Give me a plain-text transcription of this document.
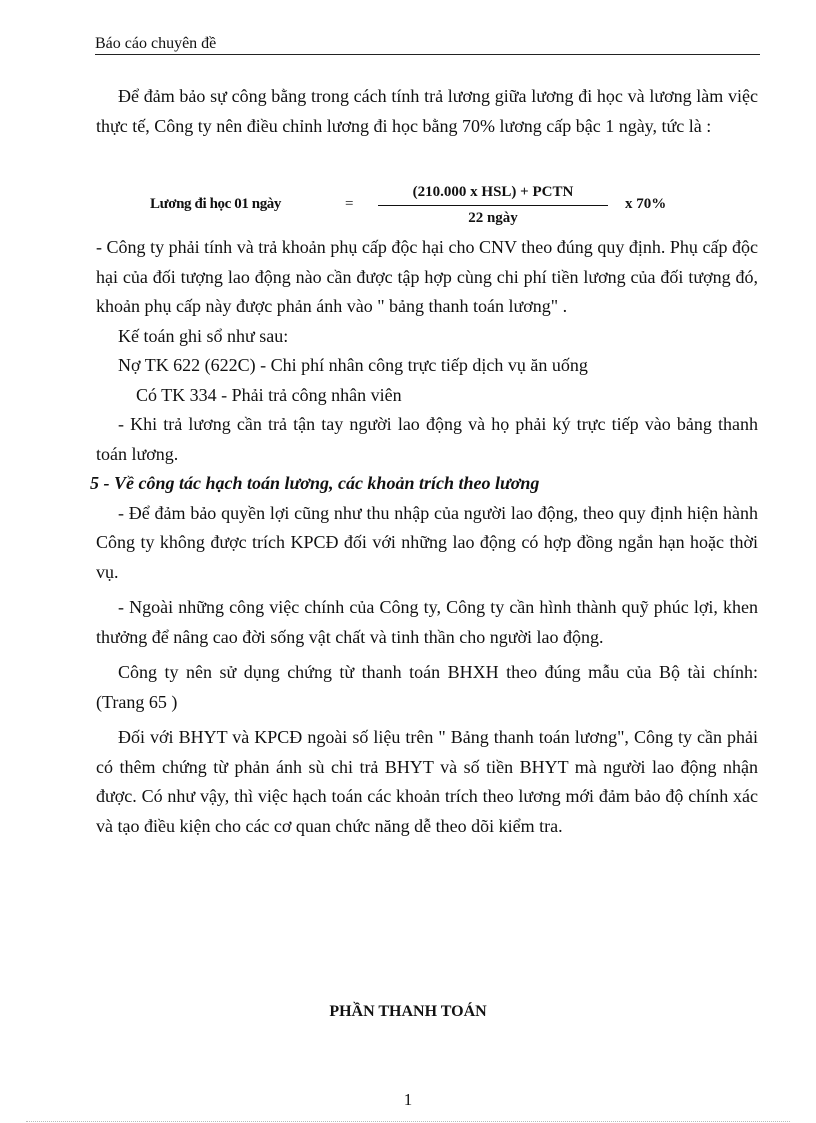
Báo cáo chuyên đề

Để đảm bảo sự công bằng trong cách tính trả lương giữa lương đi học và lương làm việc thực tế, Công ty nên điều chỉnh lương đi học bằng 70% lương cấp bậc 1 ngày, tức là :

Lương đi học 01 ngày	=
(210.000 x HSL) + PCTN
22 ngày
x 70%

- Công ty phải tính và trả khoản phụ cấp độc hại cho CNV theo đúng quy định. Phụ cấp độc hại của đối tượng lao động nào cần được tập hợp cùng chi phí tiền lương của đối tượng đó, khoản phụ cấp này được phản ánh vào " bảng thanh toán lương" .

Kế toán ghi sổ như sau:

Nợ TK 622 (622C) - Chi phí nhân công trực tiếp dịch vụ ăn uống

Có TK 334 - Phải trả công nhân viên

- Khi trả lương cần trả tận tay người lao động và họ phải ký trực tiếp vào bảng thanh toán lương.

5 - Về công tác hạch toán lương, các khoản trích theo lương

- Để đảm bảo quyền lợi cũng như thu nhập của người lao động, theo quy định hiện hành Công ty không được trích KPCĐ đối với những lao động có hợp đồng ngắn hạn hoặc thời vụ.

- Ngoài những công việc chính của Công ty, Công ty cần hình thành quỹ phúc lợi, khen thưởng để nâng cao đời sống vật chất và tinh thần cho người lao động.

Công ty nên sử dụng chứng từ thanh toán BHXH theo đúng mẫu của Bộ tài chính: (Trang 65 )

Đối với BHYT và KPCĐ ngoài số liệu trên " Bảng thanh toán lương", Công ty cần phải có thêm chứng từ phản ánh sù chi trả BHYT và số tiền BHYT mà người lao động nhận được. Có như vậy, thì việc hạch toán các khoản trích theo lương mới đảm bảo độ chính xác và tạo điều kiện cho các cơ quan chức năng dễ theo dõi kiểm tra.

PHẦN THANH TOÁN
1
